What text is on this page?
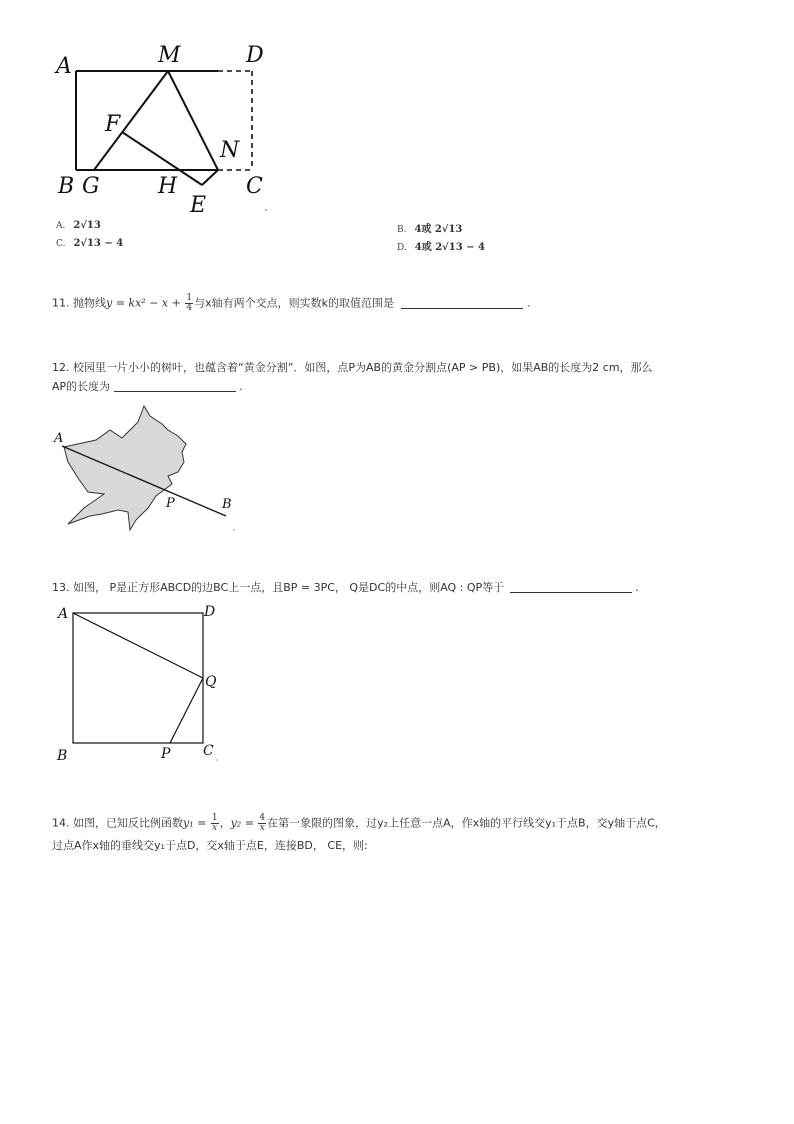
A	M	D
F
N
B G	H	C
E
A. 2√13	B. 4或 2√13
C. 2√13 − 4	D. 4或 2√13 − 4
11. 抛物线$y = kx^2 - x + \frac{1}{4}$ 与x轴有两个交点，则实数k的取值范围是	.
12. 校园里一片小小的树叶，也蕴含着“黄金分割”．如图，点P为AB的黄金分割点(AP > PB)，如果AB的长度为2 cm，那么
AP的长度为	.
A
P	B
13. 如图， P是正方形ABCD的边BC上一点，且BP = 3PC， Q是DC的中点，则AQ : QP等于	.
A	D
Q
B	P C
14. 如图，已知反比例函数$y_1 = \frac{1}{x}$ ，$y_2 = \frac{4}{x}$ 在第一象限的图象，过y₂上任意一点A，作x轴的平行线交y₁于点B，交y轴于点C，
过点A作x轴的垂线交y₁于点D，交x轴于点E，连接BD， CE，则:
